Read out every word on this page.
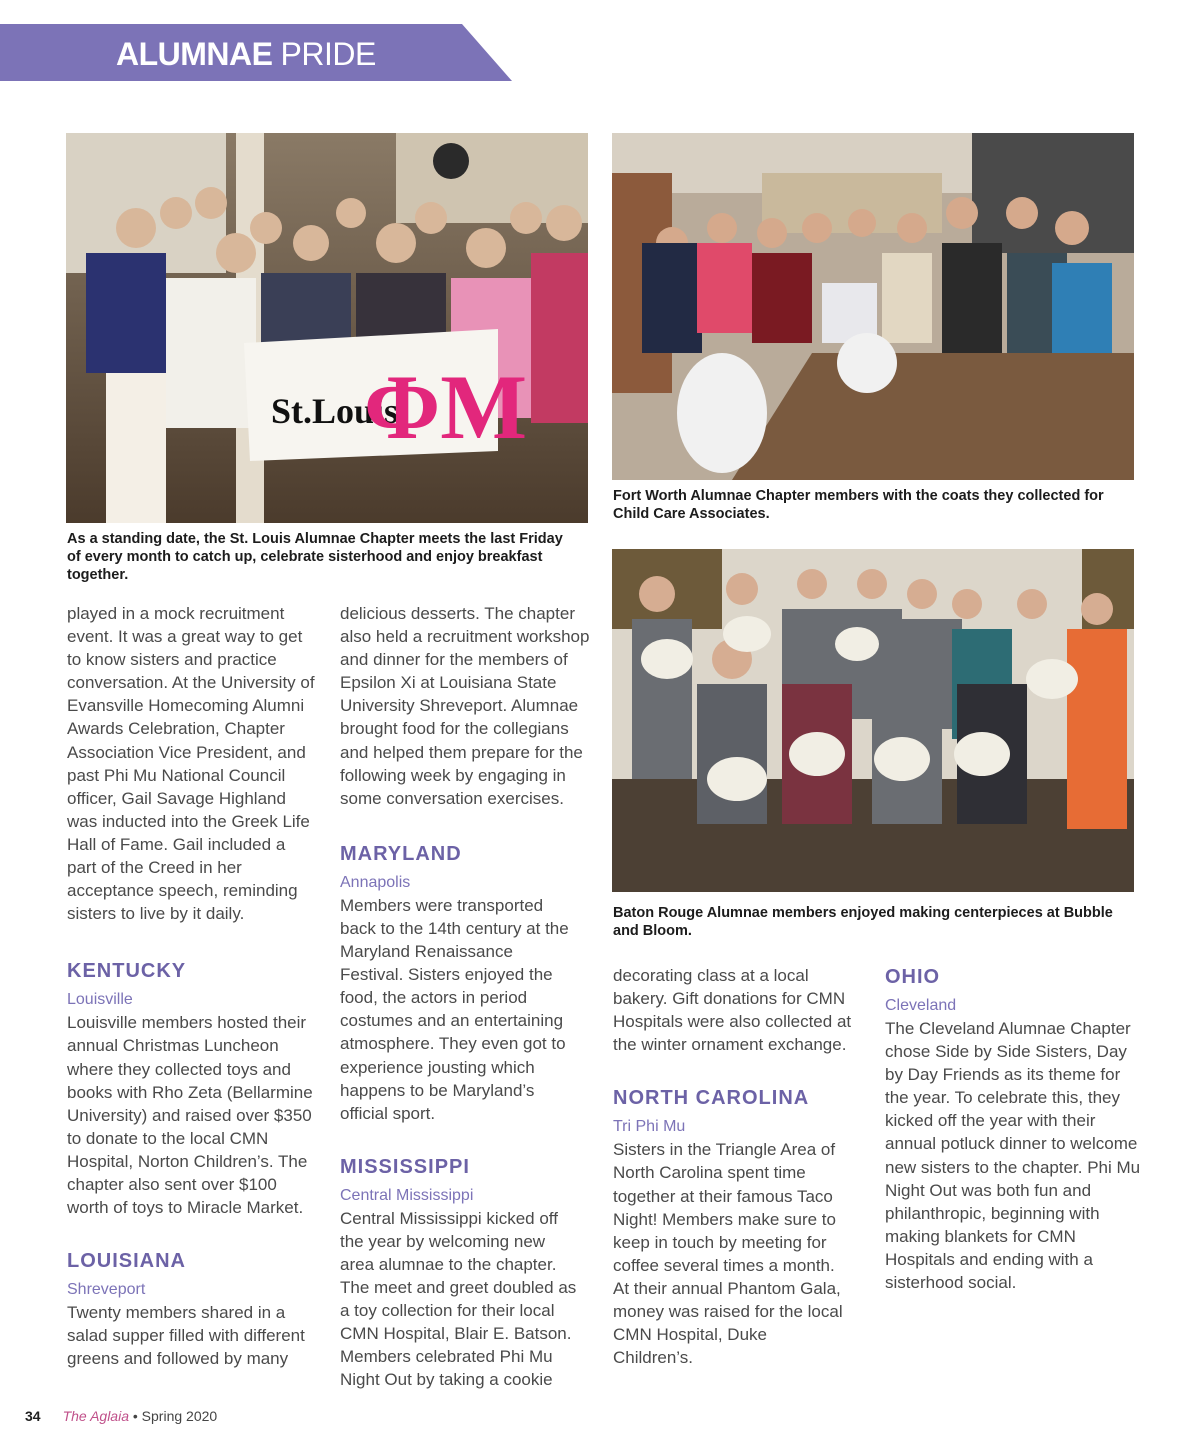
ALUMNAE PRIDE
St.Louis
ΦM
As a standing date, the St. Louis Alumnae Chapter meets the last Friday of every month to catch up, celebrate sisterhood and enjoy breakfast together.
Fort Worth Alumnae Chapter members with the coats they collected for Child Care Associates.
Baton Rouge Alumnae members enjoyed making centerpieces at Bubble and Bloom.

played in a mock recruitment event. It was a great way to get to know sisters and practice conversation. At the University of Evansville Homecoming Alumni Awards Celebration, Chapter Association Vice President, and past Phi Mu National Council officer, Gail Savage Highland was inducted into the Greek Life Hall of Fame. Gail included a part of the Creed in her acceptance speech, reminding sisters to live by it daily.

KENTUCKY

Louisville

Louisville members hosted their annual Christmas Luncheon where they collected toys and books with Rho Zeta (Bellarmine University) and raised over $350 to donate to the local CMN Hospital, Norton Children’s. The chapter also sent over $100 worth of toys to Miracle Market.

LOUISIANA

Shreveport

Twenty members shared in a salad supper filled with different greens and followed by many

delicious desserts. The chapter also held a recruitment workshop and dinner for the members of Epsilon Xi at Louisiana State University Shreveport. Alumnae brought food for the collegians and helped them prepare for the following week by engaging in some conversation exercises.

MARYLAND

Annapolis

Members were transported back to the 14th century at the Maryland Renaissance Festival. Sisters enjoyed the food, the actors in period costumes and an entertaining atmosphere. They even got to experience jousting which happens to be Maryland’s official sport.

MISSISSIPPI

Central Mississippi

Central Mississippi kicked off the year by welcoming new area alumnae to the chapter. The meet and greet doubled as a toy collection for their local CMN Hospital, Blair E. Batson. Members celebrated Phi Mu Night Out by taking a cookie

decorating class at a local bakery. Gift donations for CMN Hospitals were also collected at the winter ornament exchange.

NORTH CAROLINA

Tri Phi Mu

Sisters in the Triangle Area of North Carolina spent time together at their famous Taco Night! Members make sure to keep in touch by meeting for coffee several times a month. At their annual Phantom Gala, money was raised for the local CMN Hospital, Duke Children’s.

OHIO

Cleveland

The Cleveland Alumnae Chapter chose Side by Side Sisters, Day by Day Friends as its theme for the year. To celebrate this, they kicked off the year with their annual potluck dinner to welcome new sisters to the chapter. Phi Mu Night Out was both fun and philanthropic, beginning with making blankets for CMN Hospitals and ending with a sisterhood social.

34 The Aglaia • Spring 2020
